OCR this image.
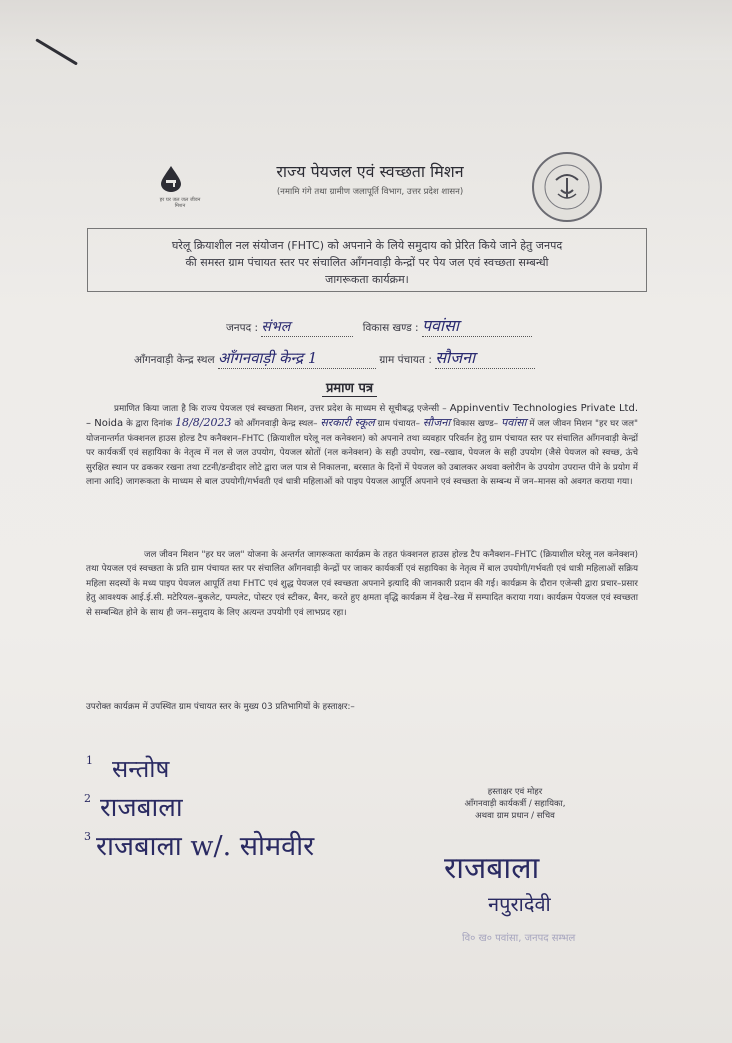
हर घर जल जल जीवन मिशन
राज्य पेयजल एवं स्वच्छता मिशन
(नमामि गंगे तथा ग्रामीण जलापूर्ति विभाग, उत्तर प्रदेश शासन)
घरेलू क्रियाशील नल संयोजन (FHTC) को अपनाने के लिये समुदाय को प्रेरित किये जाने हेतु जनपद
की समस्त ग्राम पंचायत स्तर पर संचालित ऑंगनवाड़ी केन्द्रों पर पेय जल एवं स्वच्छता सम्बन्धी
जागरूकता कार्यक्रम।
जनपद : संभल	विकास खण्ड : पवांसा
ऑंगनवाड़ी केन्द्र स्थल ऑंगनवाड़ी केन्द्र 1	ग्राम पंचायत : सौजना
प्रमाण पत्र
प्रमाणित किया जाता है कि राज्य पेयजल एवं स्वच्छता मिशन, उत्तर प्रदेश के माध्यम से सूचीबद्ध एजेन्सी – Appinventiv Technologies Private Ltd. – Noida के द्वारा दिनांक 18/8/2023 को ऑंगनवाड़ी केन्द्र स्थल– सरकारी स्कूल ग्राम पंचायत– सौजना विकास खण्ड– पवांसा में जल जीवन मिशन "हर घर जल" योजनान्तर्गत फंक्शनल हाउस होल्ड टैप कनैक्शन–FHTC (क्रियाशील घरेलू नल कनेक्शन) को अपनाने तथा व्यवहार परिवर्तन हेतु ग्राम पंचायत स्तर पर संचालित ऑंगनवाड़ी केन्द्रों पर कार्यकर्त्री एवं सहायिका के नेतृत्व में नल से जल उपयोग, पेयजल स्रोतों (नल कनेक्शन) के सही उपयोग, रख–रखाव, पेयजल के सही उपयोग (जैसे पेयजल को स्वच्छ, ऊंचे सुरक्षित स्थान पर ढककर रखना तथा टटनी/डन्डीदार लोटे द्वारा जल पात्र से निकालना, बरसात के दिनों में पेयजल को उबालकर अथवा क्लोरीन के उपयोग उपरान्त पीने के प्रयोग में लाना आदि) जागरूकता के माध्यम से बाल उपयोगी/गर्भवती एवं धात्री महिलाओं को पाइप पेयजल आपूर्ति अपनाने एवं स्वच्छता के सम्बन्ध में जन–मानस को अवगत कराया गया।
जल जीवन मिशन "हर घर जल" योजना के अन्तर्गत जागरूकता कार्यक्रम के तहत फंक्शनल हाउस होल्ड टैप कनैक्शन–FHTC (क्रियाशील घरेलू नल कनेक्शन) तथा पेयजल एवं स्वच्छता के प्रति ग्राम पंचायत स्तर पर संचालित ऑंगनवाड़ी केन्द्रों पर जाकर कार्यकर्त्री एवं सहायिका के नेतृत्व में बाल उपयोगी/गर्भवती एवं धात्री महिलाओं सक्रिय महिला सदस्यों के मध्य पाइप पेयजल आपूर्ति तथा FHTC एवं शुद्ध पेयजल एवं स्वच्छता अपनाने इत्यादि की जानकारी प्रदान की गई। कार्यक्रम के दौरान एजेन्सी द्वारा प्रचार–प्रसार हेतु आवश्यक आई.ई.सी. मटेरियल–बुकलेट, पम्पलेट, पोस्टर एवं स्टीकर, बैनर, करते हुए क्षमता वृद्धि कार्यक्रम में देख–रेख में सम्पादित कराया गया। कार्यक्रम पेयजल एवं स्वच्छता से सम्बन्धित होने के साथ ही जन–समुदाय के लिए अत्यन्त उपयोगी एवं लाभप्रद रहा।
उपरोक्त कार्यक्रम में उपस्थित ग्राम पंचायत स्तर के मुख्य 03 प्रतिभागियों के हस्ताक्षर:–
1 सन्तोष
2 राजबाला
3 राजबाला w/. सोमवीर
हस्ताक्षर एवं मोहर
ऑंगनवाड़ी कार्यकर्त्री / सहायिका,
अथवा ग्राम प्रधान / सचिव
राजबाला
नपुरादेवी
वि० ख० पवांसा, जनपद सम्भल
